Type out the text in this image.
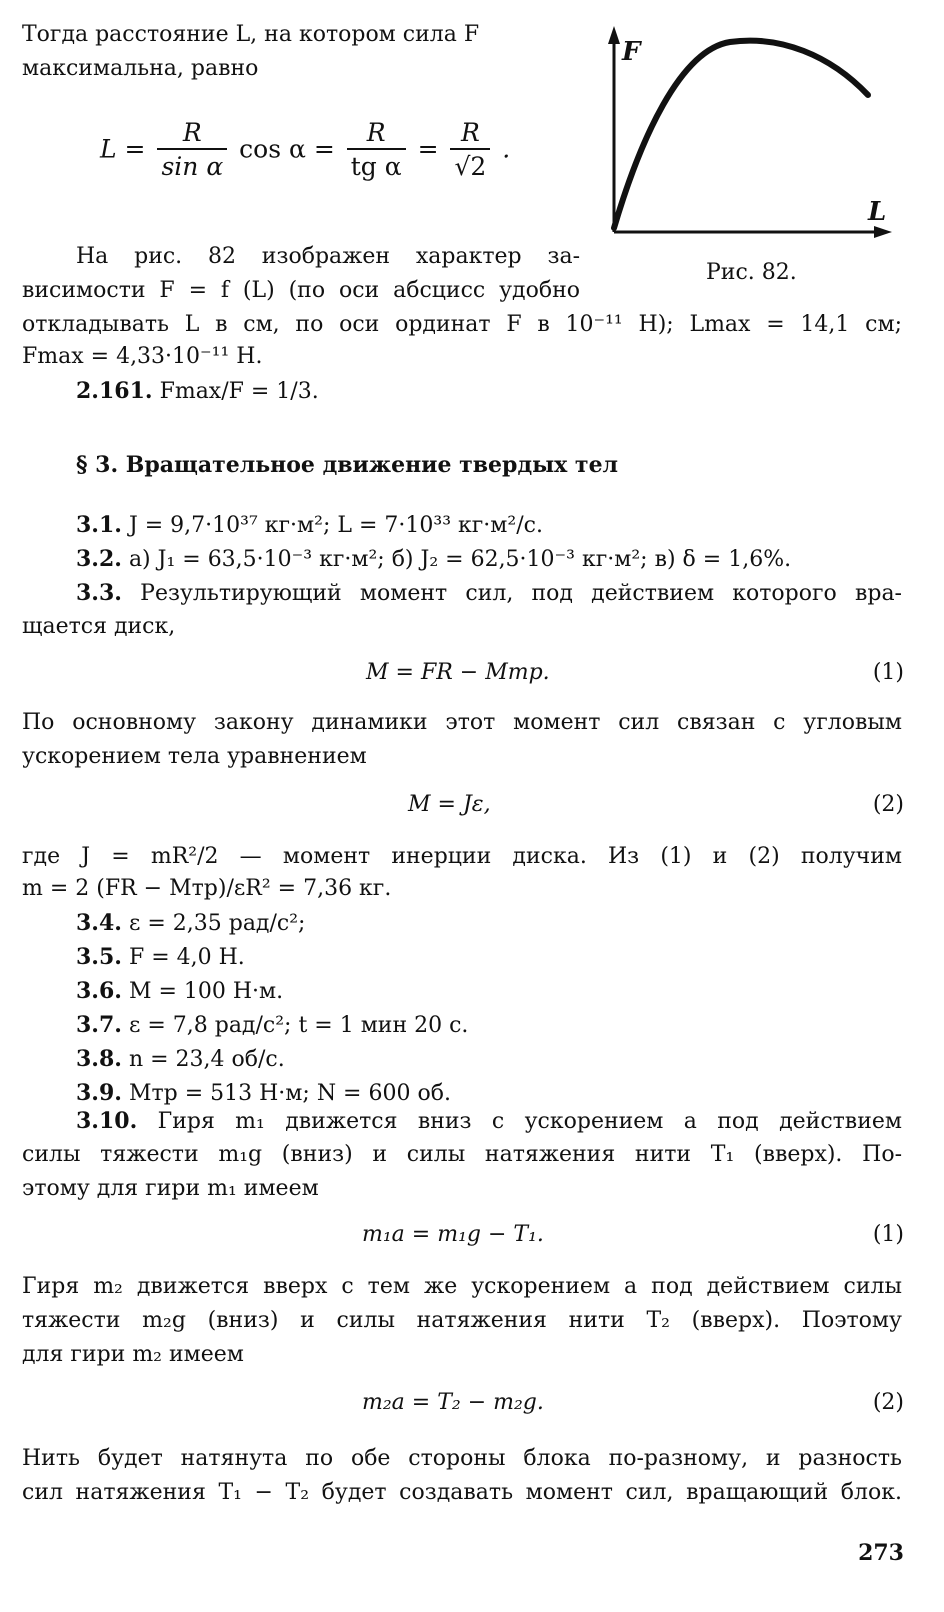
Тогда расстояние L, на котором сила F
максимальна, равно
$L = \frac{R}{\text{sin α}}$ $\cos \alpha = \frac{R}{\text{tg α}} = \frac{R}{√2}$ .
F
L
Рис. 82.
На рис. 82 изображен характер за-
висимости F = f (L) (по оси абсцисс удобно
откладывать L в см, по оси ординат F в 10⁻¹¹ Н); Lmax = 14,1 см;
Fmax = 4,33·10⁻¹¹ Н.
2.161. Fmax/F = 1/3.
§ 3. Вращательное движение твердых тел
3.1. J = 9,7·10³⁷ кг·м²; L = 7·10³³ кг·м²/с.
3.2. а) J₁ = 63,5·10⁻³ кг·м²; б) J₂ = 62,5·10⁻³ кг·м²; в) δ = 1,6%.
3.3. Результирующий момент сил, под действием которого вра-
щается диск,
M = FR − Mтр.	(1)
По основному закону динамики этот момент сил связан с угловым
ускорением тела уравнением
M = Jε,	(2)
где J = mR²/2 — момент инерции диска. Из (1) и (2) получим
m = 2 (FR − Mтр)/εR² = 7,36 кг.
3.4. ε = 2,35 рад/с²;
3.5. F = 4,0 Н.
3.6. M = 100 Н·м.
3.7. ε = 7,8 рад/с²; t = 1 мин 20 с.
3.8. n = 23,4 об/с.
3.9. Mтр = 513 Н·м; N = 600 об.
3.10. Гиря m₁ движется вниз с ускорением a под действием
силы тяжести m₁g (вниз) и силы натяжения нити T₁ (вверх). По-
этому для гири m₁ имеем
m₁a = m₁g − T₁.	(1)
Гиря m₂ движется вверх с тем же ускорением a под действием силы
тяжести m₂g (вниз) и силы натяжения нити T₂ (вверх). Поэтому
для гири m₂ имеем
m₂a = T₂ − m₂g.	(2)
Нить будет натянута по обе стороны блока по-разному, и разность
сил натяжения T₁ − T₂ будет создавать момент сил, вращающий блок.
273
